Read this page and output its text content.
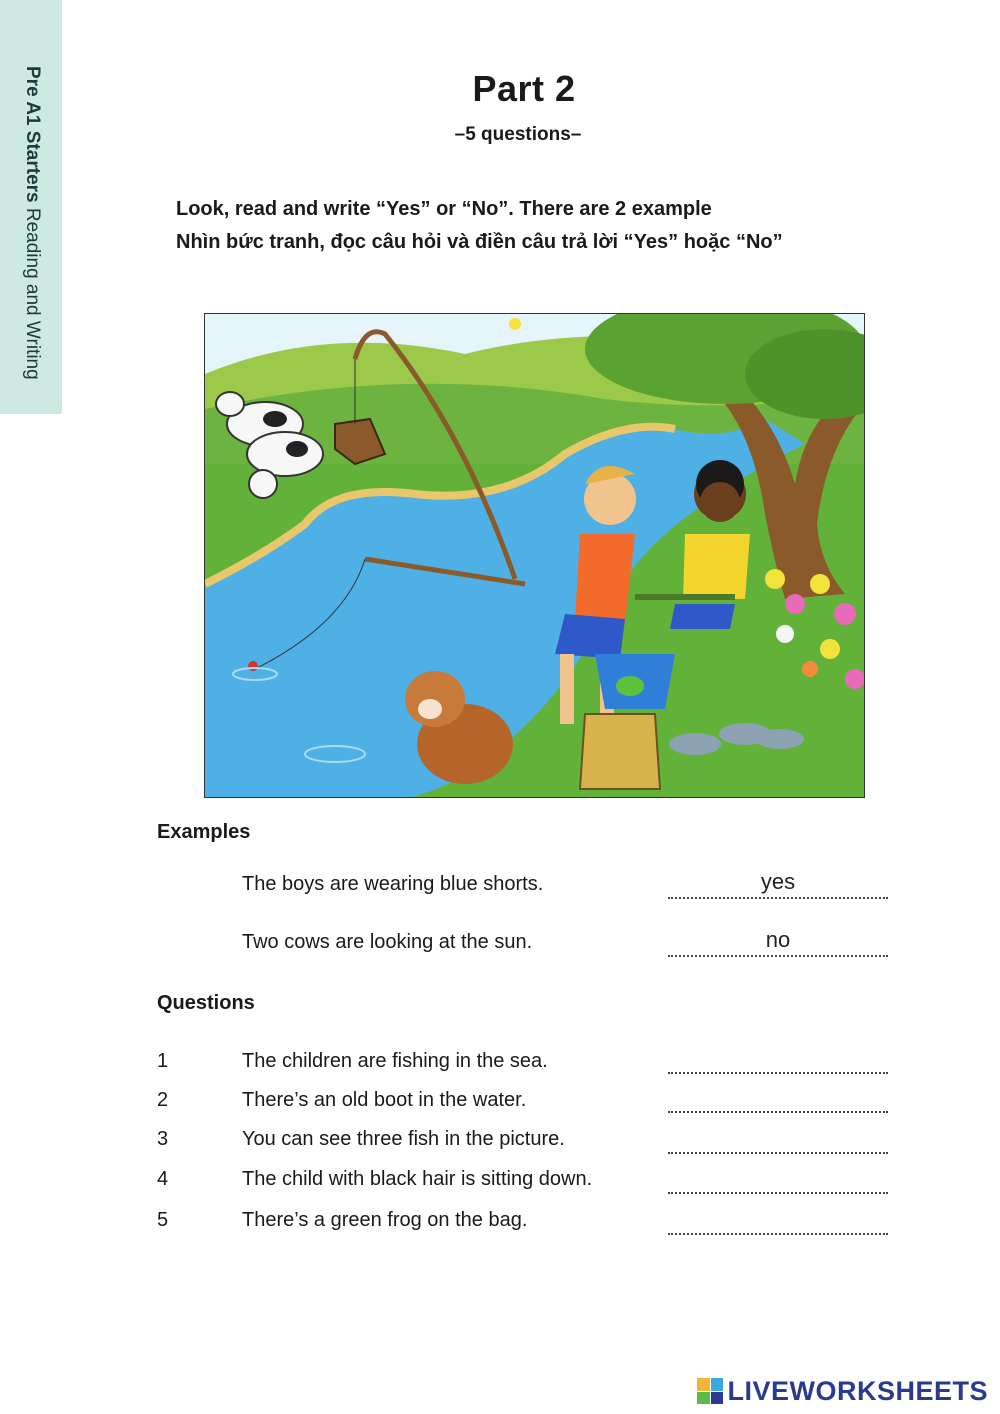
Pre A1 Starters Reading and Writing
Part 2
–5 questions–
Look, read and write “Yes” or “No”. There are 2 example
Nhìn bức tranh, đọc câu hỏi và điền câu trả lời “Yes” hoặc “No”
Examples
The boys are wearing blue shorts.	yes
Two cows are looking at the sun.	no
Questions
1	The children are fishing in the sea.
2	There’s an old boot in the water.
3	You can see three fish in the picture.
4	The child with black hair is sitting down.
5	There’s a green frog on the bag.
LIVEWORKSHEETS
